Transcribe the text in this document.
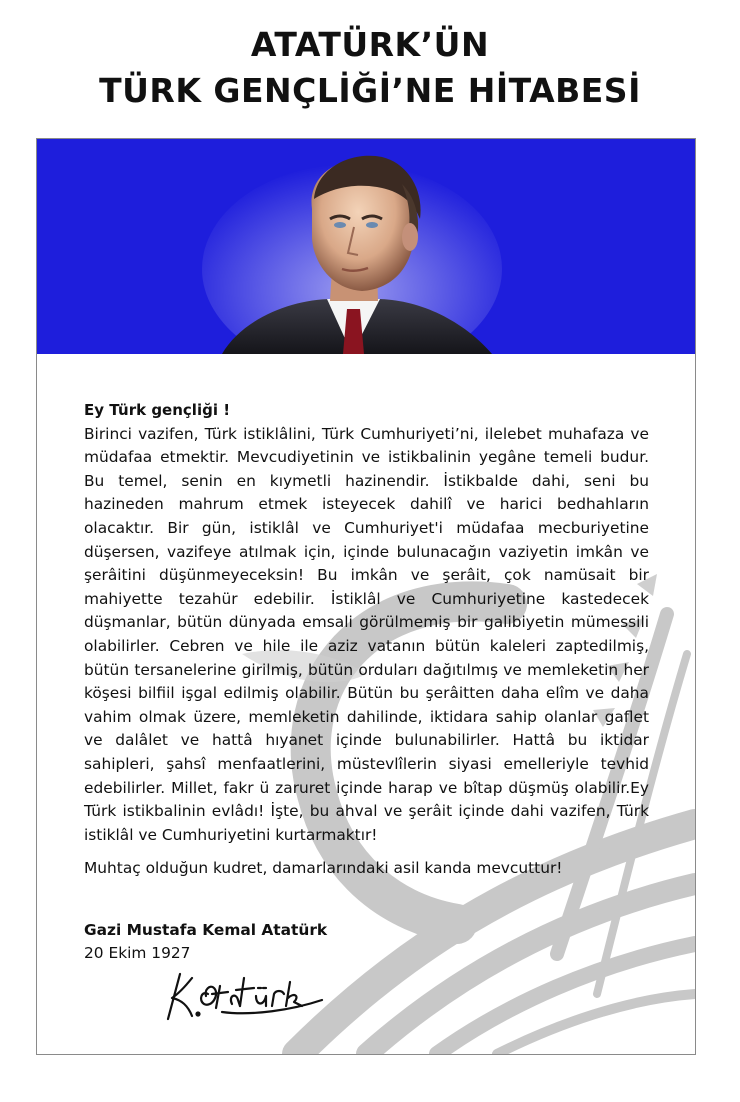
ATATÜRK’ÜN
TÜRK GENÇLİĞİ’NE HİTABESİ
Ey Türk gençliği !

Birinci vazifen, Türk istiklâlini, Türk Cumhuriyeti’ni, ilelebet muhafaza ve müdafaa etmektir. Mevcudiyetinin ve istikbalinin yegâne temeli budur. Bu temel, senin en kıymetli hazinendir. İstikbalde dahi, seni bu hazineden mahrum etmek isteyecek dahilî ve harici bedhahların olacaktır. Bir gün, istiklâl ve Cumhuriyet'i müdafaa mecburiyetine düşersen, vazifeye atılmak için, içinde bulunacağın vaziyetin imkân ve şerâitini düşünmeyeceksin! Bu imkân ve şerâit, çok namüsait bir mahiyette tezahür edebilir. İstiklâl ve Cumhuriyetine kastedecek düşmanlar, bütün dünyada emsali görülmemiş bir galibiyetin mümessili olabilirler. Cebren ve hile ile aziz vatanın bütün kaleleri zaptedilmiş, bütün tersanelerine girilmiş, bütün orduları dağıtılmış ve memleketin her köşesi bilfiil işgal edilmiş olabilir. Bütün bu şerâitten daha elîm ve daha vahim olmak üzere, memleketin dahilinde, iktidara sahip olanlar gaflet ve dalâlet ve hattâ hıyanet içinde bulunabilirler. Hattâ bu iktidar sahipleri, şahsî menfaatlerini, müstevlîlerin siyasi emelleriyle tevhid edebilirler. Millet, fakr ü zaruret içinde harap ve bîtap düşmüş olabilir.Ey Türk istikbalinin evlâdı! İşte, bu ahval ve şerâit içinde dahi vazifen, Türk istiklâl ve Cumhuriyetini kurtarmaktır!

Muhtaç olduğun kudret, damarlarındaki asil kanda mevcuttur!
Gazi Mustafa Kemal Atatürk
20 Ekim 1927
